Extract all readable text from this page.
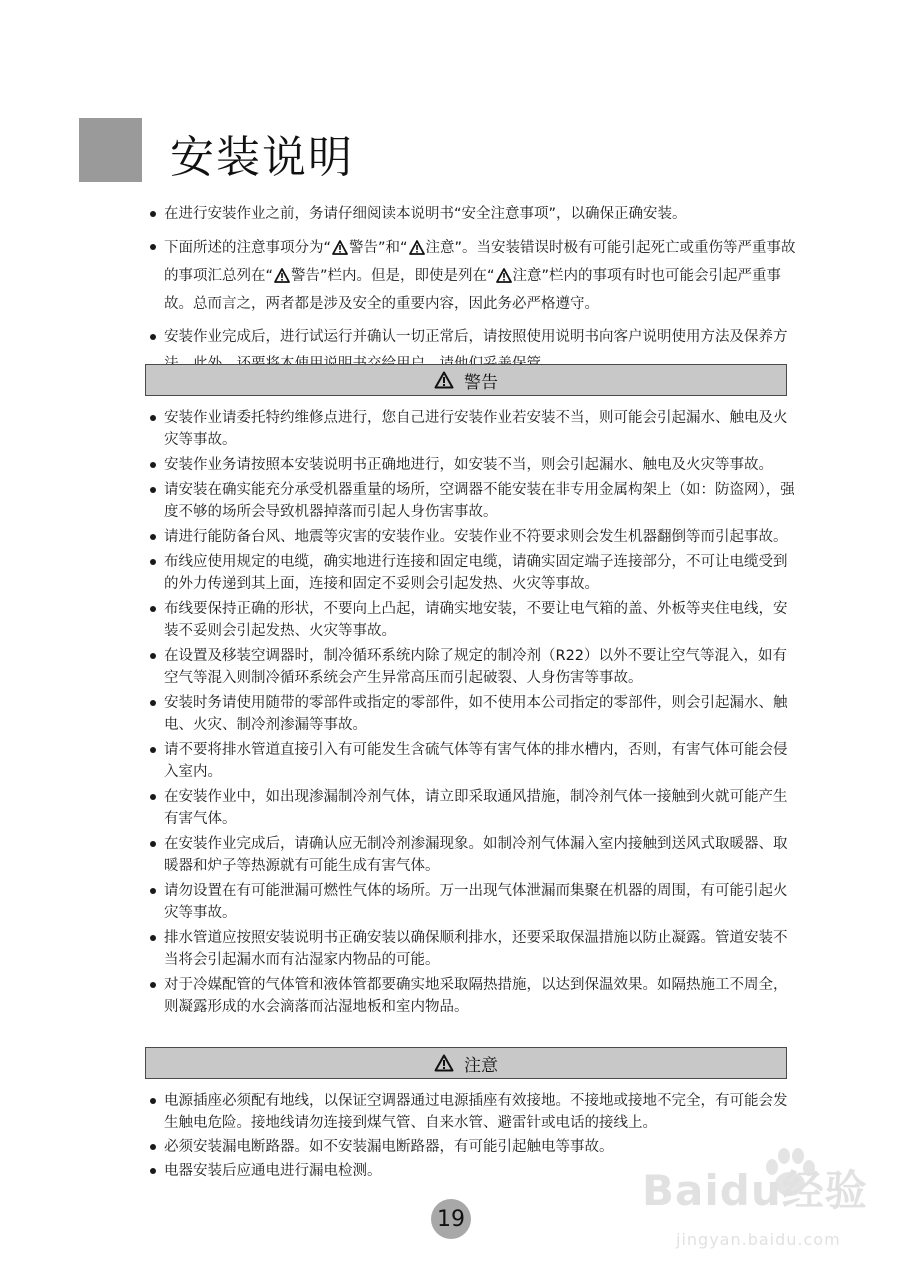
安装说明
在进行安装作业之前，务请仔细阅读本说明书“安全注意事项”，以确保正确安装。
下面所述的注意事项分为“ 警告”和“ 注意”。当安装错误时极有可能引起死亡或重伤等严重事故的事项汇总列在“ 警告”栏内。但是，即使是列在“ 注意”栏内的事项有时也可能会引起严重事故。总而言之，两者都是涉及安全的重要内容，因此务必严格遵守。
安装作业完成后，进行试运行并确认一切正常后，请按照使用说明书向客户说明使用方法及保养方
警告
安装作业请委托特约维修点进行，您自己进行安装作业若安装不当，则可能会引起漏水、触电及火灾等事故。
安装作业务请按照本安装说明书正确地进行，如安装不当，则会引起漏水、触电及火灾等事故。
请安装在确实能充分承受机器重量的场所，空调器不能安装在非专用金属构架上（如：防盗网），强度不够的场所会导致机器掉落而引起人身伤害事故。
请进行能防备台风、地震等灾害的安装作业。安装作业不符要求则会发生机器翻倒等而引起事故。
布线应使用规定的电缆，确实地进行连接和固定电缆，请确实固定端子连接部分，不可让电缆受到的外力传递到其上面，连接和固定不妥则会引起发热、火灾等事故。
布线要保持正确的形状，不要向上凸起，请确实地安装，不要让电气箱的盖、外板等夹住电线，安装不妥则会引起发热、火灾等事故。
在设置及移装空调器时，制冷循环系统内除了规定的制冷剂（R22）以外不要让空气等混入，如有空气等混入则制冷循环系统会产生异常高压而引起破裂、人身伤害等事故。
安装时务请使用随带的零部件或指定的零部件，如不使用本公司指定的零部件，则会引起漏水、触电、火灾、制冷剂渗漏等事故。
请不要将排水管道直接引入有可能发生含硫气体等有害气体的排水槽内，否则，有害气体可能会侵入室内。
在安装作业中，如出现渗漏制冷剂气体，请立即采取通风措施，制冷剂气体一接触到火就可能产生有害气体。
在安装作业完成后，请确认应无制冷剂渗漏现象。如制冷剂气体漏入室内接触到送风式取暖器、取暖器和炉子等热源就有可能生成有害气体。
请勿设置在有可能泄漏可燃性气体的场所。万一出现气体泄漏而集聚在机器的周围，有可能引起火灾等事故。
排水管道应按照安装说明书正确安装以确保顺利排水，还要采取保温措施以防止凝露。管道安装不当将会引起漏水而有沾湿家内物品的可能。
对于冷媒配管的气体管和液体管都要确实地采取隔热措施，以达到保温效果。如隔热施工不周全，则凝露形成的水会滴落而沾湿地板和室内物品。
注意
电源插座必须配有地线，以保证空调器通过电源插座有效接地。不接地或接地不完全，有可能会发生触电危险。接地线请勿连接到煤气管、自来水管、避雷针或电话的接线上。
必须安装漏电断路器。如不安装漏电断路器，有可能引起触电等事故。
电器安装后应通电进行漏电检测。
19
Baidu经验
jingyan.baidu.com
